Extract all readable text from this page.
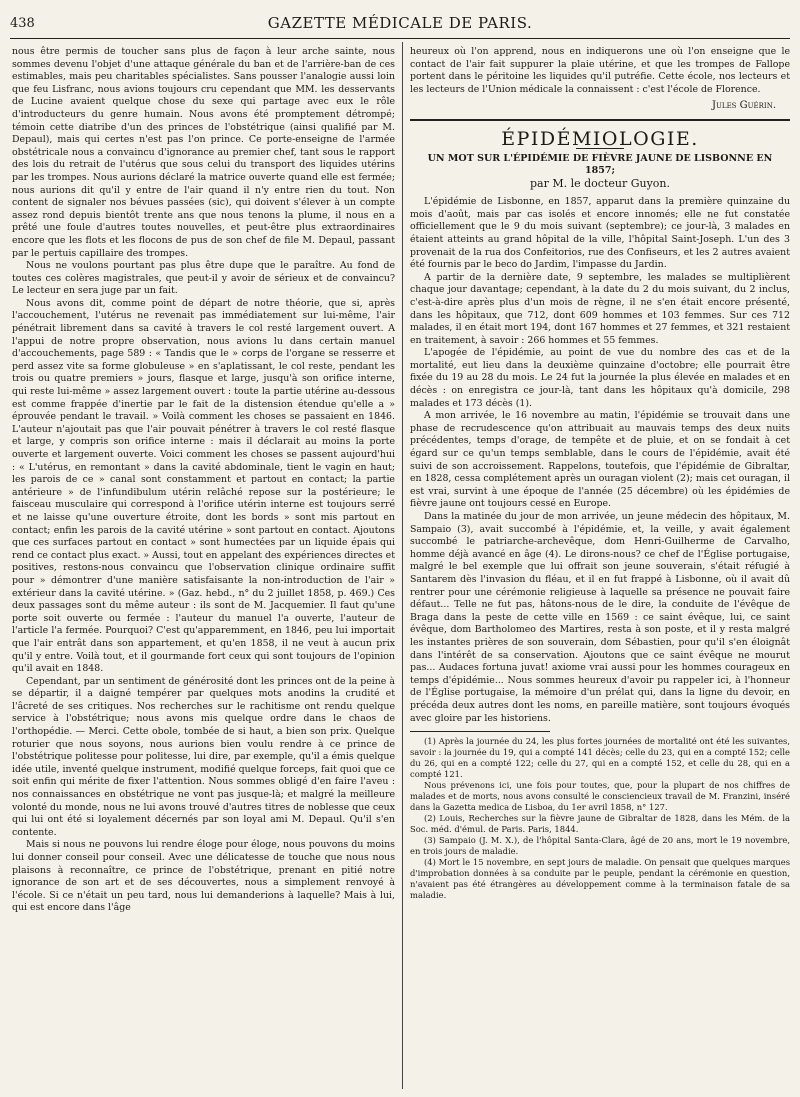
438	GAZETTE MÉDICALE DE PARIS.

nous être permis de toucher sans plus de façon à leur arche sainte, nous sommes devenu l'objet d'une attaque générale du ban et de l'arrière-ban de ces estimables, mais peu charitables spécialistes. Sans pousser l'analogie aussi loin que feu Lisfranc, nous avions toujours cru cependant que MM. les desservants de Lucine avaient quelque chose du sexe qui partage avec eux le rôle d'introducteurs du genre humain. Nous avons été promptement détrompé; témoin cette diatribe d'un des princes de l'obstétrique (ainsi qualifié par M. Depaul), mais qui certes n'est pas l'on prince. Ce porte-enseigne de l'armée obstétricale nous a convaincu d'ignorance au premier chef, tant sous le rapport des lois du retrait de l'utérus que sous celui du transport des liquides utérins par les trompes. Nous aurions déclaré la matrice ouverte quand elle est fermée; nous aurions dit qu'il y entre de l'air quand il n'y entre rien du tout. Non content de signaler nos bévues passées (sic), qui doivent s'élever à un compte assez rond depuis bientôt trente ans que nous tenons la plume, il nous en a prêté une foule d'autres toutes nouvelles, et peut-être plus extraordinaires encore que les flots et les flocons de pus de son chef de file M. Depaul, passant par le pertuis capillaire des trompes.

Nous ne voulons pourtant pas plus être dupe que le paraître. Au fond de toutes ces colères magistrales, que peut-il y avoir de sérieux et de convaincu? Le lecteur en sera juge par un fait.

Nous avons dit, comme point de départ de notre théorie, que si, après l'accouchement, l'utérus ne revenait pas immédiatement sur lui-même, l'air pénétrait librement dans sa cavité à travers le col resté largement ouvert. A l'appui de notre propre observation, nous avions lu dans certain manuel d'accouchements, page 589 : « Tandis que le » corps de l'organe se resserre et perd assez vite sa forme globuleuse » en s'aplatissant, le col reste, pendant les trois ou quatre premiers » jours, flasque et large, jusqu'à son orifice interne, qui reste lui-même » assez largement ouvert : toute la partie utérine au-dessous est comme frappée d'inertie par le fait de la distension étendue qu'elle a » éprouvée pendant le travail. » Voilà comment les choses se passaient en 1846. L'auteur n'ajoutait pas que l'air pouvait pénétrer à travers le col resté flasque et large, y compris son orifice interne : mais il déclarait au moins la porte ouverte et largement ouverte. Voici comment les choses se passent aujourd'hui : « L'utérus, en remontant » dans la cavité abdominale, tient le vagin en haut; les parois de ce » canal sont constamment et partout en contact; la partie antérieure » de l'infundibulum utérin relâché repose sur la postérieure; le faisceau musculaire qui correspond à l'orifice utérin interne est toujours serré et ne laisse qu'une ouverture étroite, dont les bords » sont mis partout en contact; enfin les parois de la cavité utérine » sont partout en contact. Ajoutons que ces surfaces partout en contact » sont humectées par un liquide épais qui rend ce contact plus exact. » Aussi, tout en appelant des expériences directes et positives, restons-nous convaincu que l'observation clinique ordinaire suffit pour » démontrer d'une manière satisfaisante la non-introduction de l'air » extérieur dans la cavité utérine. » (Gaz. hebd., n° du 2 juillet 1858, p. 469.) Ces deux passages sont du même auteur : ils sont de M. Jacquemier. Il faut qu'une porte soit ouverte ou fermée : l'auteur du manuel l'a ouverte, l'auteur de l'article l'a fermée. Pourquoi? C'est qu'apparemment, en 1846, peu lui importait que l'air entrât dans son appartement, et qu'en 1858, il ne veut à aucun prix qu'il y entre. Voilà tout, et il gourmande fort ceux qui sont toujours de l'opinion qu'il avait en 1848.

Cependant, par un sentiment de générosité dont les princes ont de la peine à se départir, il a daigné tempérer par quelques mots anodins la crudité et l'âcreté de ses critiques. Nos recherches sur le rachitisme ont rendu quelque service à l'obstétrique; nous avons mis quelque ordre dans le chaos de l'orthopédie. — Merci. Cette obole, tombée de si haut, a bien son prix. Quelque roturier que nous soyons, nous aurions bien voulu rendre à ce prince de l'obstétrique politesse pour politesse, lui dire, par exemple, qu'il a émis quelque idée utile, inventé quelque instrument, modifié quelque forceps, fait quoi que ce soit enfin qui mérite de fixer l'attention. Nous sommes obligé d'en faire l'aveu : nos connaissances en obstétrique ne vont pas jusque-là; et malgré la meilleure volonté du monde, nous ne lui avons trouvé d'autres titres de noblesse que ceux qui lui ont été si loyalement décernés par son loyal ami M. Depaul. Qu'il s'en contente.

Mais si nous ne pouvons lui rendre éloge pour éloge, nous pouvons du moins lui donner conseil pour conseil. Avec une délicatesse de touche que nous nous plaisons à reconnaître, ce prince de l'obstétrique, prenant en pitié notre ignorance de son art et de ses découvertes, nous a simplement renvoyé à l'école. Si ce n'était un peu tard, nous lui demanderions à laquelle? Mais à lui, qui est encore dans l'âge

heureux où l'on apprend, nous en indiquerons une où l'on enseigne que le contact de l'air fait suppurer la plaie utérine, et que les trompes de Fallope portent dans le péritoine les liquides qu'il putréfie. Cette école, nos lecteurs et les lecteurs de l'Union médicale la connaissent : c'est l'école de Florence.

Jules Guérin.
ÉPIDÉMIOLOGIE.
UN MOT SUR L'ÉPIDÉMIE DE FIÈVRE JAUNE DE LISBONNE EN 1857;
par M. le docteur Guyon.

L'épidémie de Lisbonne, en 1857, apparut dans la première quinzaine du mois d'août, mais par cas isolés et encore innomés; elle ne fut constatée officiellement que le 9 du mois suivant (septembre); ce jour-là, 3 malades en étaient atteints au grand hôpital de la ville, l'hôpital Saint-Joseph. L'un des 3 provenait de la rua dos Confeitorios, rue des Confiseurs, et les 2 autres avaient été fournis par le beco do Jardim, l'impasse du Jardin.

A partir de la dernière date, 9 septembre, les malades se multiplièrent chaque jour davantage; cependant, à la date du 2 du mois suivant, du 2 inclus, c'est-à-dire après plus d'un mois de règne, il ne s'en était encore présenté, dans les hôpitaux, que 712, dont 609 hommes et 103 femmes. Sur ces 712 malades, il en était mort 194, dont 167 hommes et 27 femmes, et 321 restaient en traitement, à savoir : 266 hommes et 55 femmes.

L'apogée de l'épidémie, au point de vue du nombre des cas et de la mortalité, eut lieu dans la deuxième quinzaine d'octobre; elle pourrait être fixée du 19 au 28 du mois. Le 24 fut la journée la plus élevée en malades et en décès : on enregistra ce jour-là, tant dans les hôpitaux qu'à domicile, 298 malades et 173 décès (1).

A mon arrivée, le 16 novembre au matin, l'épidémie se trouvait dans une phase de recrudescence qu'on attribuait au mauvais temps des deux nuits précédentes, temps d'orage, de tempête et de pluie, et on se fondait à cet égard sur ce qu'un temps semblable, dans le cours de l'épidémie, avait été suivi de son accroissement. Rappelons, toutefois, que l'épidémie de Gibraltar, en 1828, cessa complétement après un ouragan violent (2); mais cet ouragan, il est vrai, survint à une époque de l'année (25 décembre) où les épidémies de fièvre jaune ont toujours cessé en Europe.

Dans la matinée du jour de mon arrivée, un jeune médecin des hôpitaux, M. Sampaio (3), avait succombé à l'épidémie, et, la veille, y avait également succombé le patriarche-archevêque, dom Henri-Guilherme de Carvalho, homme déjà avancé en âge (4). Le dirons-nous? ce chef de l'Église portugaise, malgré le bel exemple que lui offrait son jeune souverain, s'était réfugié à Santarem dès l'invasion du fléau, et il en fut frappé à Lisbonne, où il avait dû rentrer pour une cérémonie religieuse à laquelle sa présence ne pouvait faire défaut... Telle ne fut pas, hâtons-nous de le dire, la conduite de l'évêque de Braga dans la peste de cette ville en 1569 : ce saint évêque, lui, ce saint évêque, dom Bartholomeo des Martires, resta à son poste, et il y resta malgré les instantes prières de son souverain, dom Sébastien, pour qu'il s'en éloignât dans l'intérêt de sa conservation. Ajoutons que ce saint évêque ne mourut pas... Audaces fortuna juvat! axiome vrai aussi pour les hommes courageux en temps d'épidémie... Nous sommes heureux d'avoir pu rappeler ici, à l'honneur de l'Église portugaise, la mémoire d'un prélat qui, dans la ligne du devoir, en précéda deux autres dont les noms, en pareille matière, sont toujours évoqués avec gloire par les historiens.

(1) Après la journée du 24, les plus fortes journées de mortalité ont été les suivantes, savoir : la journée du 19, qui a compté 141 décès; celle du 23, qui en a compté 152; celle du 26, qui en a compté 122; celle du 27, qui en a compté 152, et celle du 28, qui en a compté 121.

Nous prévenons ici, une fois pour toutes, que, pour la plupart de nos chiffres de malades et de morts, nous avons consulté le consciencieux travail de M. Franzini, inséré dans la Gazetta medica de Lisboa, du 1er avril 1858, n° 127.

(2) Louis, Recherches sur la fièvre jaune de Gibraltar de 1828, dans les Mém. de la Soc. méd. d'émul. de Paris. Paris, 1844.

(3) Sampaio (J. M. X.), de l'hôpital Santa-Clara, âgé de 20 ans, mort le 19 novembre, en trois jours de maladie.

(4) Mort le 15 novembre, en sept jours de maladie. On pensait que quelques marques d'improbation données à sa conduite par le peuple, pendant la cérémonie en question, n'avaient pas été étrangères au développement comme à la terminaison fatale de sa maladie.
